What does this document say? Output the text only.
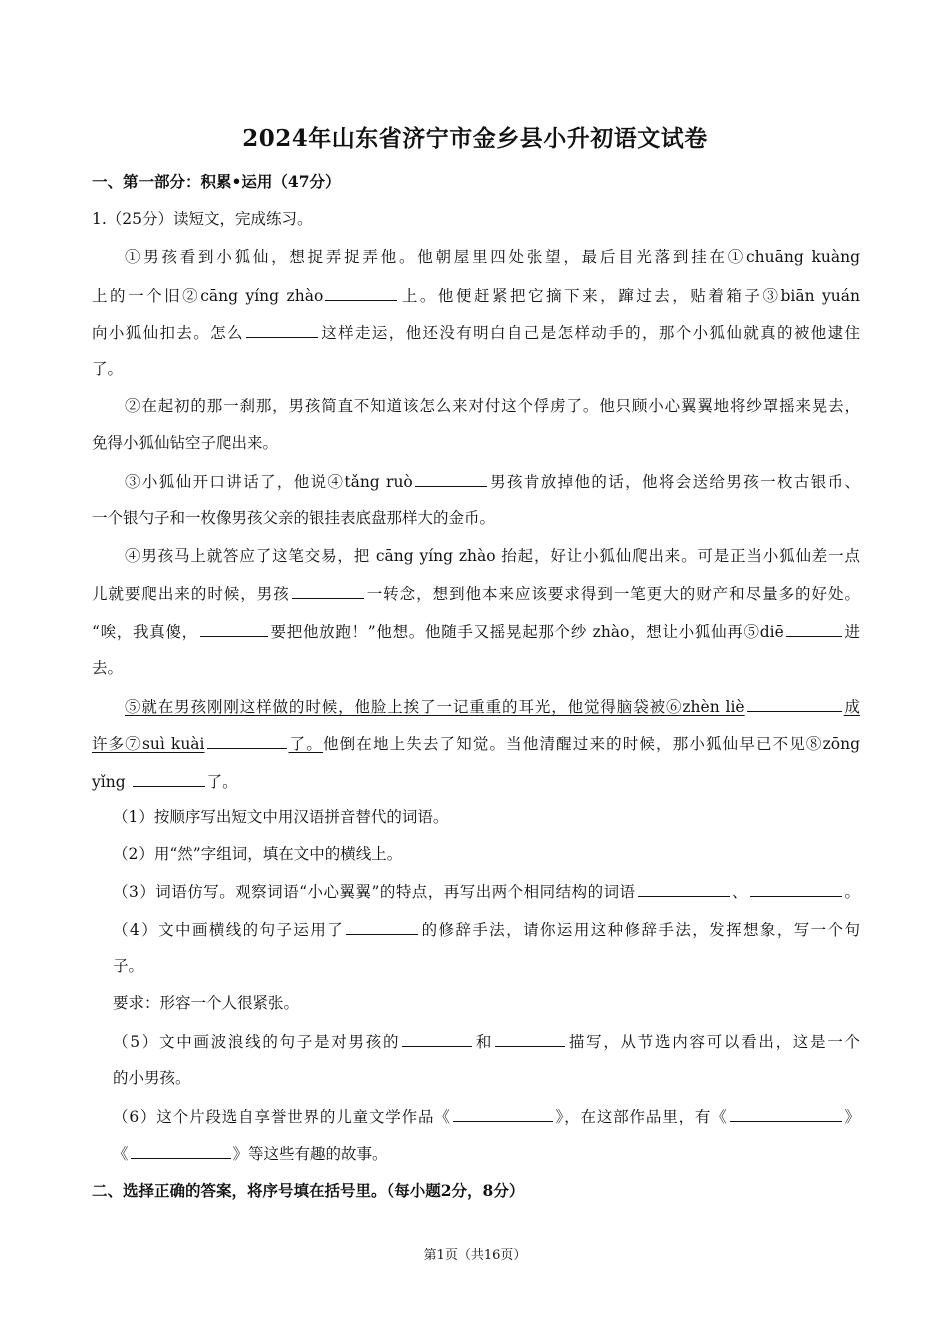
2024年山东省济宁市金乡县小升初语文试卷
一、第一部分：积累•运用（47分）
1.（25分）读短文，完成练习。
①男孩看到小狐仙，想捉弄捉弄他。他朝屋里四处张望，最后目光落到挂在①chuāng kuàng
上的一个旧②cāng yíng zhào	上。他便赶紧把它摘下来，蹿过去，贴着箱子③biān yuán
向小狐仙扣去。怎么	这样走运，他还没有明白自己是怎样动手的，那个小狐仙就真的被他逮住
了。
②在起初的那一刹那，男孩简直不知道该怎么来对付这个俘虏了。他只顾小心翼翼地将纱罩摇来晃去，
免得小狐仙钻空子爬出来。
③小狐仙开口讲话了，他说④tǎng ruò	男孩肯放掉他的话，他将会送给男孩一枚古银币、
一个银勺子和一枚像男孩父亲的银挂表底盘那样大的金币。
④男孩马上就答应了这笔交易，把 cāng yíng zhào 抬起，好让小狐仙爬出来。可是正当小狐仙差一点
儿就要爬出来的时候，男孩	一转念，想到他本来应该要求得到一笔更大的财产和尽量多的好处。
“唉，我真傻，	要把他放跑！”他想。他随手又摇晃起那个纱 zhào，想让小狐仙再⑤diē	进
去。
⑤就在男孩刚刚这样做的时候，他脸上挨了一记重重的耳光，他觉得脑袋被⑥zhèn liè	成
许多⑦suì kuài	了。他倒在地上失去了知觉。当他清醒过来的时候，那小狐仙早已不见⑧zōng
yǐng	了。
（1）按顺序写出短文中用汉语拼音替代的词语。
（2）用“然”字组词，填在文中的横线上。
（3）词语仿写。观察词语“小心翼翼”的特点，再写出两个相同结构的词语	、	。
（4）文中画横线的句子运用了	的修辞手法，请你运用这种修辞手法，发挥想象，写一个句
子。
要求：形容一个人很紧张。
（5）文中画波浪线的句子是对男孩的	和	描写，从节选内容可以看出，这是一个
的小男孩。
（6）这个片段选自享誉世界的儿童文学作品《	》，在这部作品里，有《	》
《	》等这些有趣的故事。
二、选择正确的答案，将序号填在括号里。（每小题2分，8分）
第1页（共16页）
